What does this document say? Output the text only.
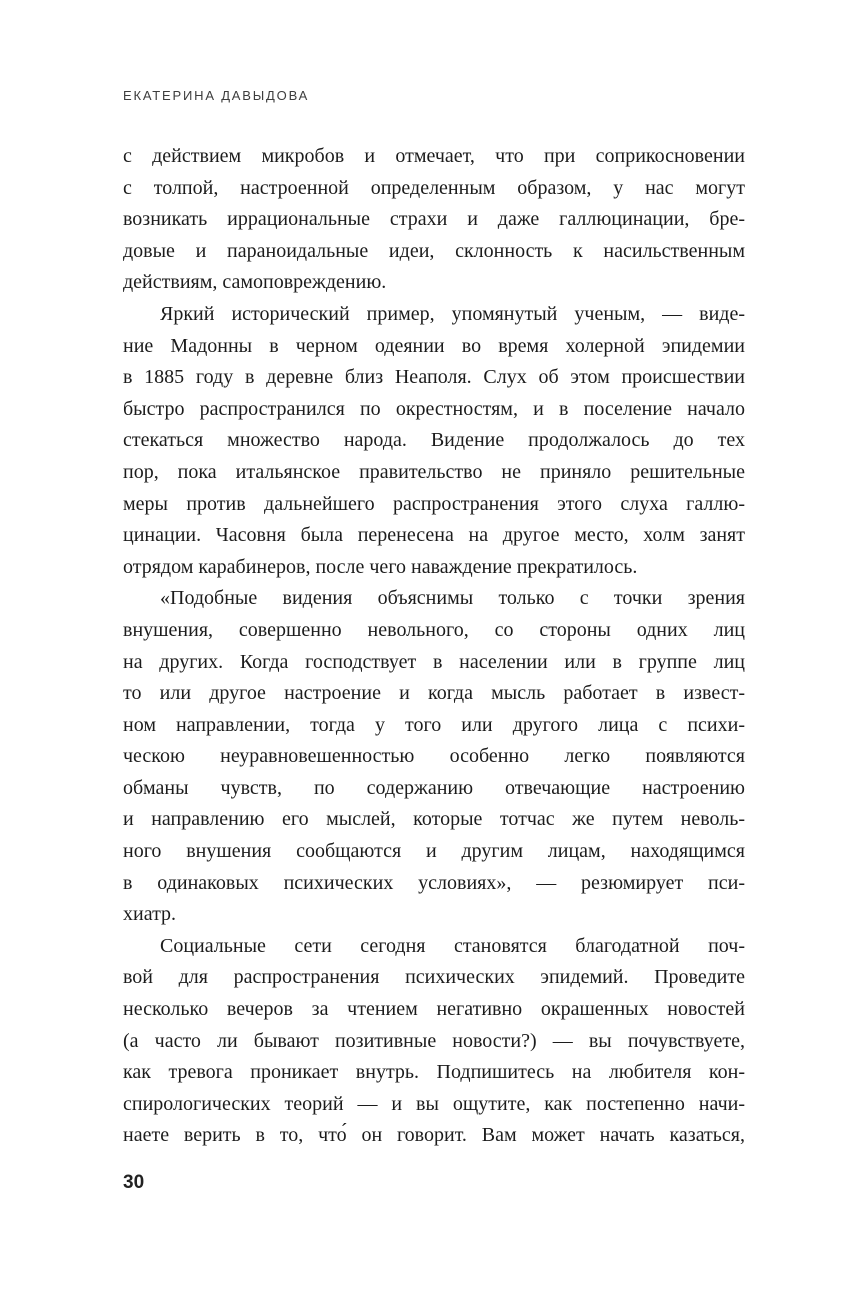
ЕКАТЕРИНА ДАВЫДОВА
с действием микробов и отмечает, что при соприкосновении
с толпой, настроенной определенным образом, у нас могут
возникать иррациональные страхи и даже галлюцинации, бре-
довые и параноидальные идеи, склонность к насильственным
действиям, самоповреждению.
Яркий исторический пример, упомянутый ученым, — виде-
ние Мадонны в черном одеянии во время холерной эпидемии
в 1885 году в деревне близ Неаполя. Слух об этом происшествии
быстро распространился по окрестностям, и в поселение начало
стекаться множество народа. Видение продолжалось до тех
пор, пока итальянское правительство не приняло решительные
меры против дальнейшего распространения этого слуха галлю-
цинации. Часовня была перенесена на другое место, холм занят
отрядом карабинеров, после чего наваждение прекратилось.
«Подобные видения объяснимы только с точки зрения
внушения, совершенно невольного, со стороны одних лиц
на других. Когда господствует в населении или в группе лиц
то или другое настроение и когда мысль работает в извест-
ном направлении, тогда у того или другого лица с психи-
ческою неуравновешенностью особенно легко появляются
обманы чувств, по содержанию отвечающие настроению
и направлению его мыслей, которые тотчас же путем неволь-
ного внушения сообщаются и другим лицам, находящимся
в одинаковых психических условиях», — резюмирует пси-
хиатр.
Социальные сети сегодня становятся благодатной поч-
вой для распространения психических эпидемий. Проведите
несколько вечеров за чтением негативно окрашенных новостей
(а часто ли бывают позитивные новости?) — вы почувствуете,
как тревога проникает внутрь. Подпишитесь на любителя кон-
спирологических теорий — и вы ощутите, как постепенно начи-
наете верить в то, что́ он говорит. Вам может начать казаться,
30
